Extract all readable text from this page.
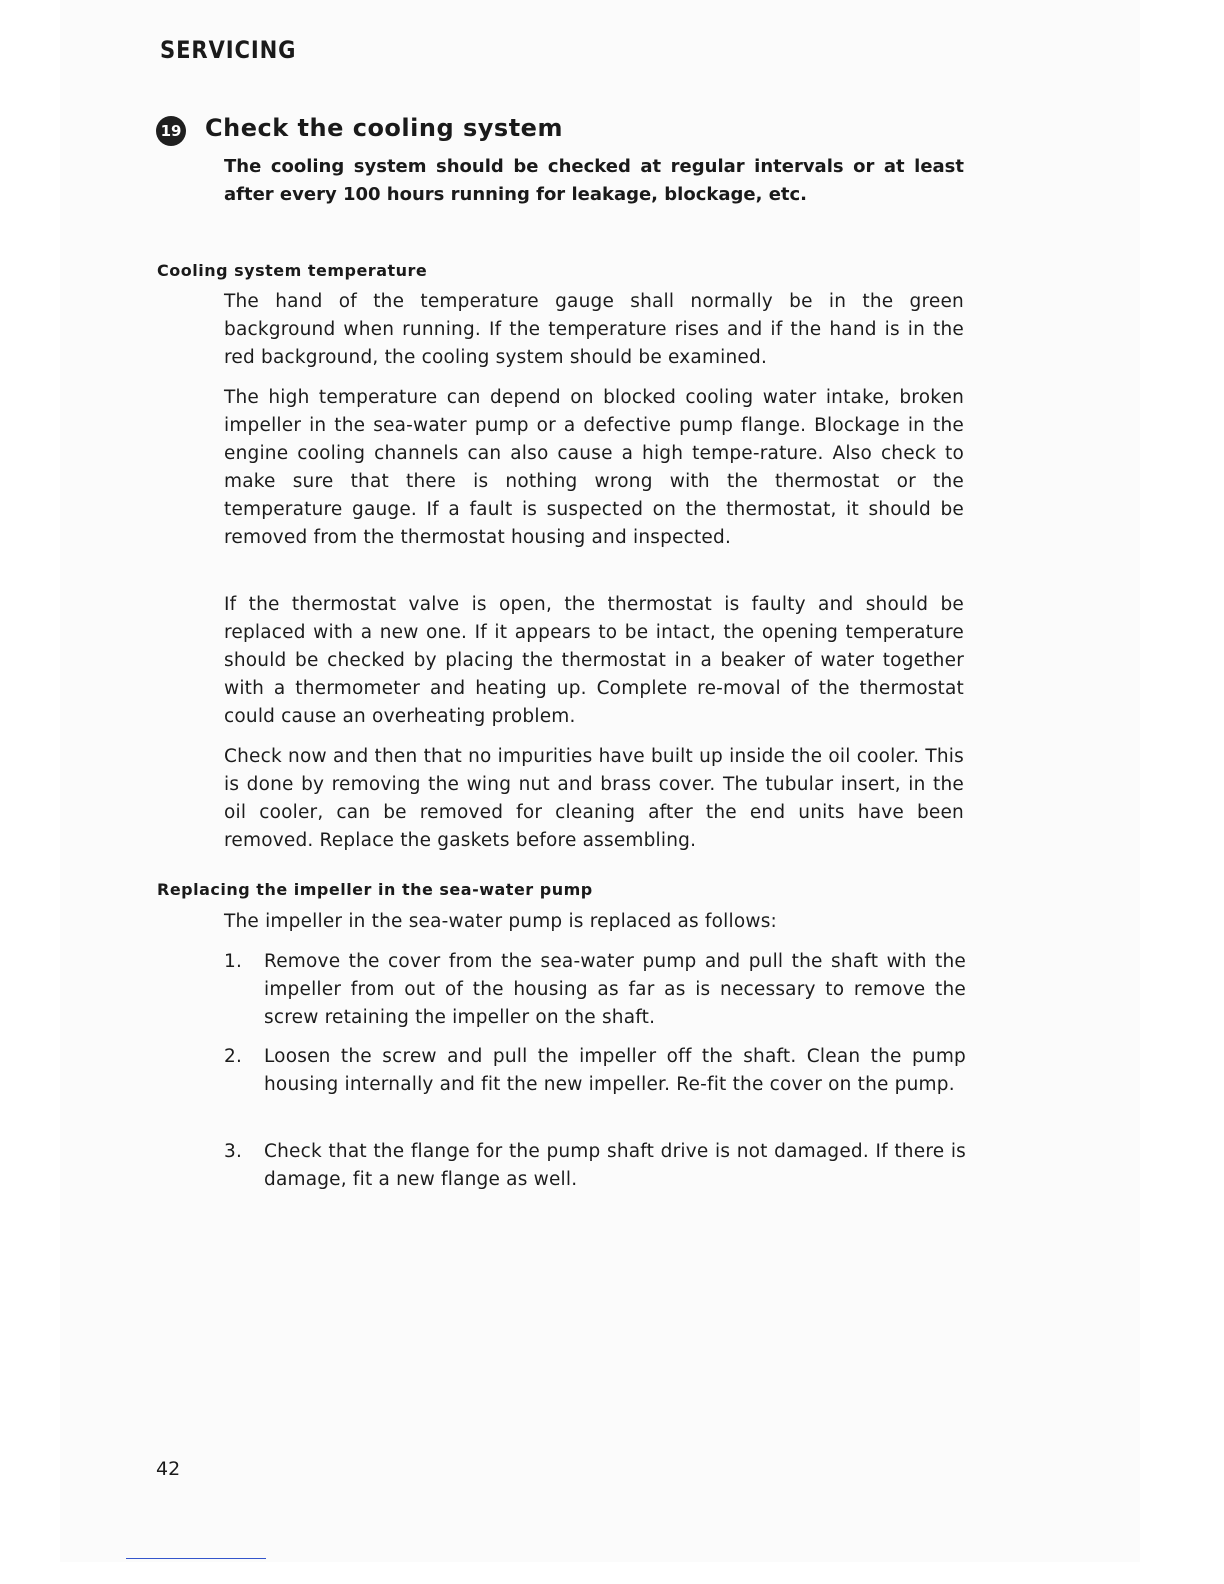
SERVICING
19 Check the cooling system
The cooling system should be checked at regular intervals or at least after every 100 hours running for leakage, blockage, etc.
Cooling system temperature
The hand of the temperature gauge shall normally be in the green background when running. If the temperature rises and if the hand is in the red background, the cooling system should be examined.
The high temperature can depend on blocked cooling water intake, broken impeller in the sea-water pump or a defective pump flange. Blockage in the engine cooling channels can also cause a high tempe-rature. Also check to make sure that there is nothing wrong with the thermostat or the temperature gauge. If a fault is suspected on the thermostat, it should be removed from the thermostat housing and inspected.
If the thermostat valve is open, the thermostat is faulty and should be replaced with a new one. If it appears to be intact, the opening temperature should be checked by placing the thermostat in a beaker of water together with a thermometer and heating up. Complete re-moval of the thermostat could cause an overheating problem.
Check now and then that no impurities have built up inside the oil cooler. This is done by removing the wing nut and brass cover. The tubular insert, in the oil cooler, can be removed for cleaning after the end units have been removed. Replace the gaskets before assembling.
Replacing the impeller in the sea-water pump
The impeller in the sea-water pump is replaced as follows:
1.	Remove the cover from the sea-water pump and pull the shaft with the impeller from out of the housing as far as is necessary to remove the screw retaining the impeller on the shaft.
2.	Loosen the screw and pull the impeller off the shaft. Clean the pump housing internally and fit the new impeller. Re-fit the cover on the pump.
3.	Check that the flange for the pump shaft drive is not damaged. If there is damage, fit a new flange as well.
42
